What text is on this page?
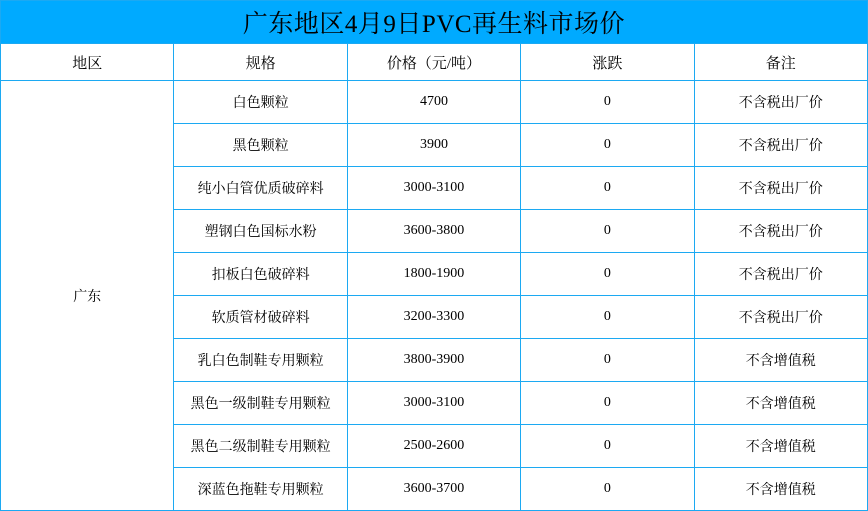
广东地区4月9日PVC再生料市场价				
地区	规格	价格（元/吨）	涨跌	备注
广东	白色颗粒	4700	0	不含税出厂价
	黑色颗粒	3900	0	不含税出厂价
	纯小白管优质破碎料	3000-3100	0	不含税出厂价
	塑钢白色国标水粉	3600-3800	0	不含税出厂价
	扣板白色破碎料	1800-1900	0	不含税出厂价
	软质管材破碎料	3200-3300	0	不含税出厂价
	乳白色制鞋专用颗粒	3800-3900	0	不含增值税
	黑色一级制鞋专用颗粒	3000-3100	0	不含增值税
	黑色二级制鞋专用颗粒	2500-2600	0	不含增值税
	深蓝色拖鞋专用颗粒	3600-3700	0	不含增值税
